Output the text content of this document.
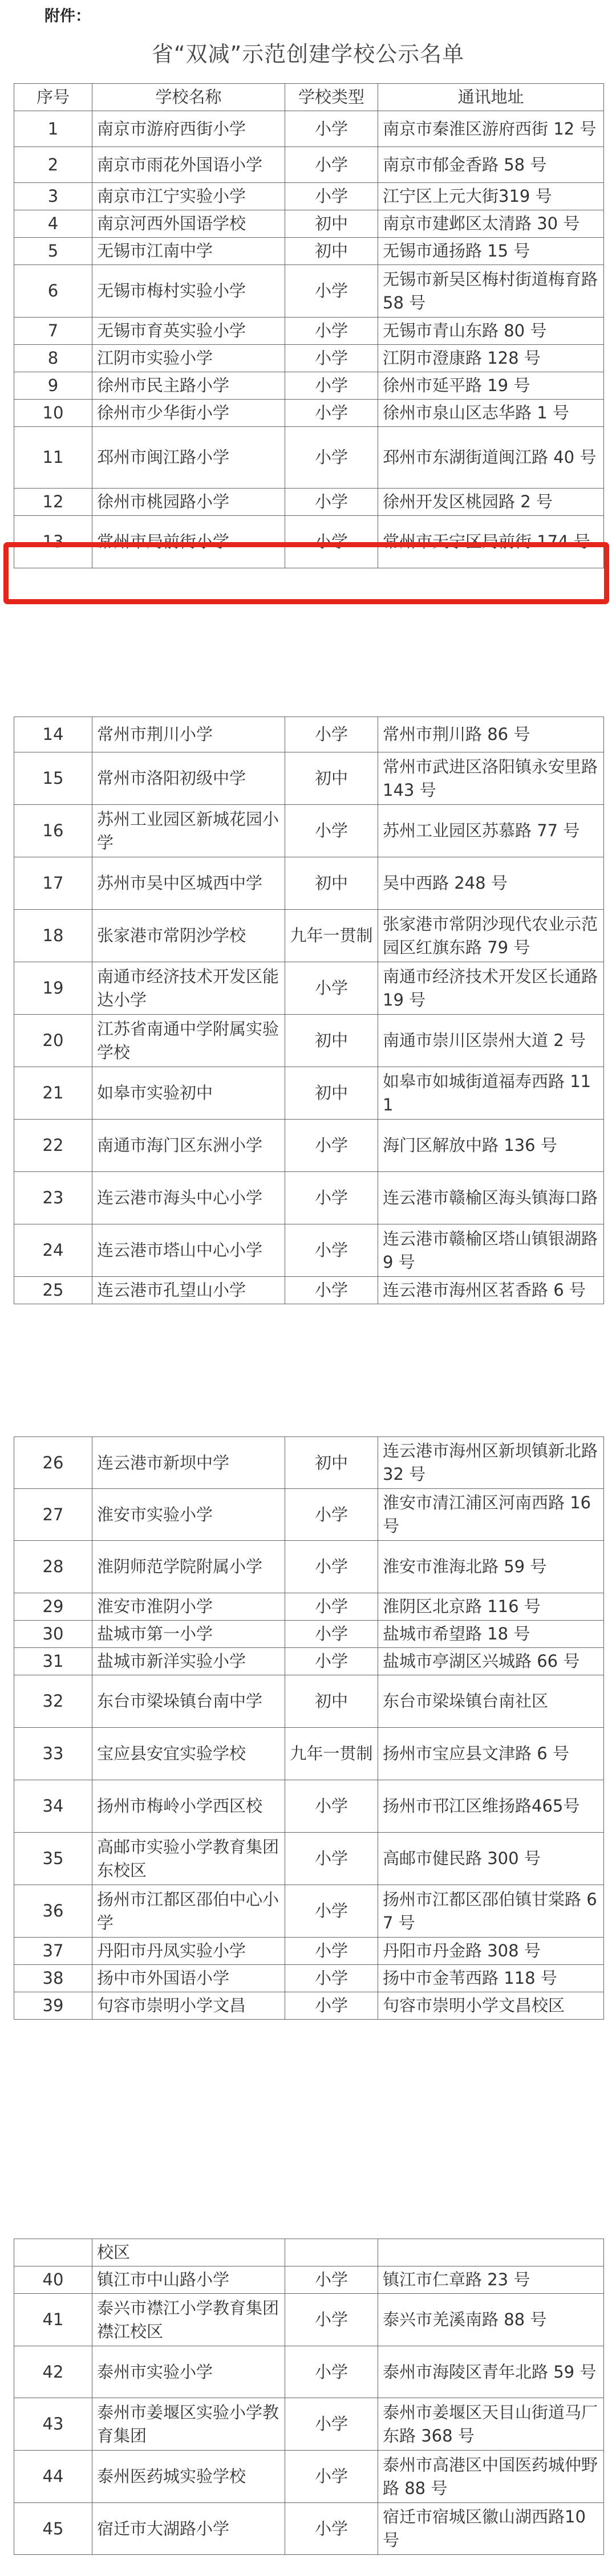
附件：
省“双减”示范创建学校公示名单
序号	学校名称	学校类型	通讯地址
1	南京市游府西街小学	小学	南京市秦淮区游府西街 12 号
2	南京市雨花外国语小学	小学	南京市郁金香路 58 号
3	南京市江宁实验小学	小学	江宁区上元大街319 号
4	南京河西外国语学校	初中	南京市建邺区太清路 30 号
5	无锡市江南中学	初中	无锡市通扬路 15 号
6	无锡市梅村实验小学	小学	无锡市新吴区梅村街道梅育路 58 号
7	无锡市育英实验小学	小学	无锡市青山东路 80 号
8	江阴市实验小学	小学	江阴市澄康路 128 号
9	徐州市民主路小学	小学	徐州市延平路 19 号
10	徐州市少华街小学	小学	徐州市泉山区志华路 1 号
11	邳州市闽江路小学	小学	邳州市东湖街道闽江路 40 号
12	徐州市桃园路小学	小学	徐州开发区桃园路 2 号
13	常州市局前街小学	小学	常州市天宁区局前街 174 号
14	常州市荆川小学	小学	常州市荆川路 86 号
15	常州市洛阳初级中学	初中	常州市武进区洛阳镇永安里路 143 号
16	苏州工业园区新城花园小学	小学	苏州工业园区苏慕路 77 号
17	苏州市吴中区城西中学	初中	吴中西路 248 号
18	张家港市常阴沙学校	九年一贯制	张家港市常阴沙现代农业示范园区红旗东路 79 号
19	南通市经济技术开发区能达小学	小学	南通市经济技术开发区长通路 19 号
20	江苏省南通中学附属实验学校	初中	南通市崇川区崇州大道 2 号
21	如皋市实验初中	初中	如皋市如城街道福寿西路 111
22	南通市海门区东洲小学	小学	海门区解放中路 136 号
23	连云港市海头中心小学	小学	连云港市赣榆区海头镇海口路
24	连云港市塔山中心小学	小学	连云港市赣榆区塔山镇银湖路 9 号
25	连云港市孔望山小学	小学	连云港市海州区茗香路 6 号
26	连云港市新坝中学	初中	连云港市海州区新坝镇新北路 32 号
27	淮安市实验小学	小学	淮安市清江浦区河南西路 16 号
28	淮阴师范学院附属小学	小学	淮安市淮海北路 59 号
29	淮安市淮阴小学	小学	淮阴区北京路 116 号
30	盐城市第一小学	小学	盐城市希望路 18 号
31	盐城市新洋实验小学	小学	盐城市亭湖区兴城路 66 号
32	东台市梁垛镇台南中学	初中	东台市梁垛镇台南社区
33	宝应县安宜实验学校	九年一贯制	扬州市宝应县文津路 6 号
34	扬州市梅岭小学西区校	小学	扬州市邗江区维扬路465号
35	高邮市实验小学教育集团东校区	小学	高邮市健民路 300 号
36	扬州市江都区邵伯中心小学	小学	扬州市江都区邵伯镇甘棠路 67 号
37	丹阳市丹凤实验小学	小学	丹阳市丹金路 308 号
38	扬中市外国语小学	小学	扬中市金苇西路 118 号
39	句容市崇明小学文昌	小学	句容市崇明小学文昌校区
	校区		
40	镇江市中山路小学	小学	镇江市仁章路 23 号
41	泰兴市襟江小学教育集团襟江校区	小学	泰兴市羌溪南路 88 号
42	泰州市实验小学	小学	泰州市海陵区青年北路 59 号
43	泰州市姜堰区实验小学教育集团	小学	泰州市姜堰区天目山街道马厂东路 368 号
44	泰州医药城实验学校	小学	泰州市高港区中国医药城仲野路 88 号
45	宿迁市大湖路小学	小学	宿迁市宿城区徽山湖西路10 号
